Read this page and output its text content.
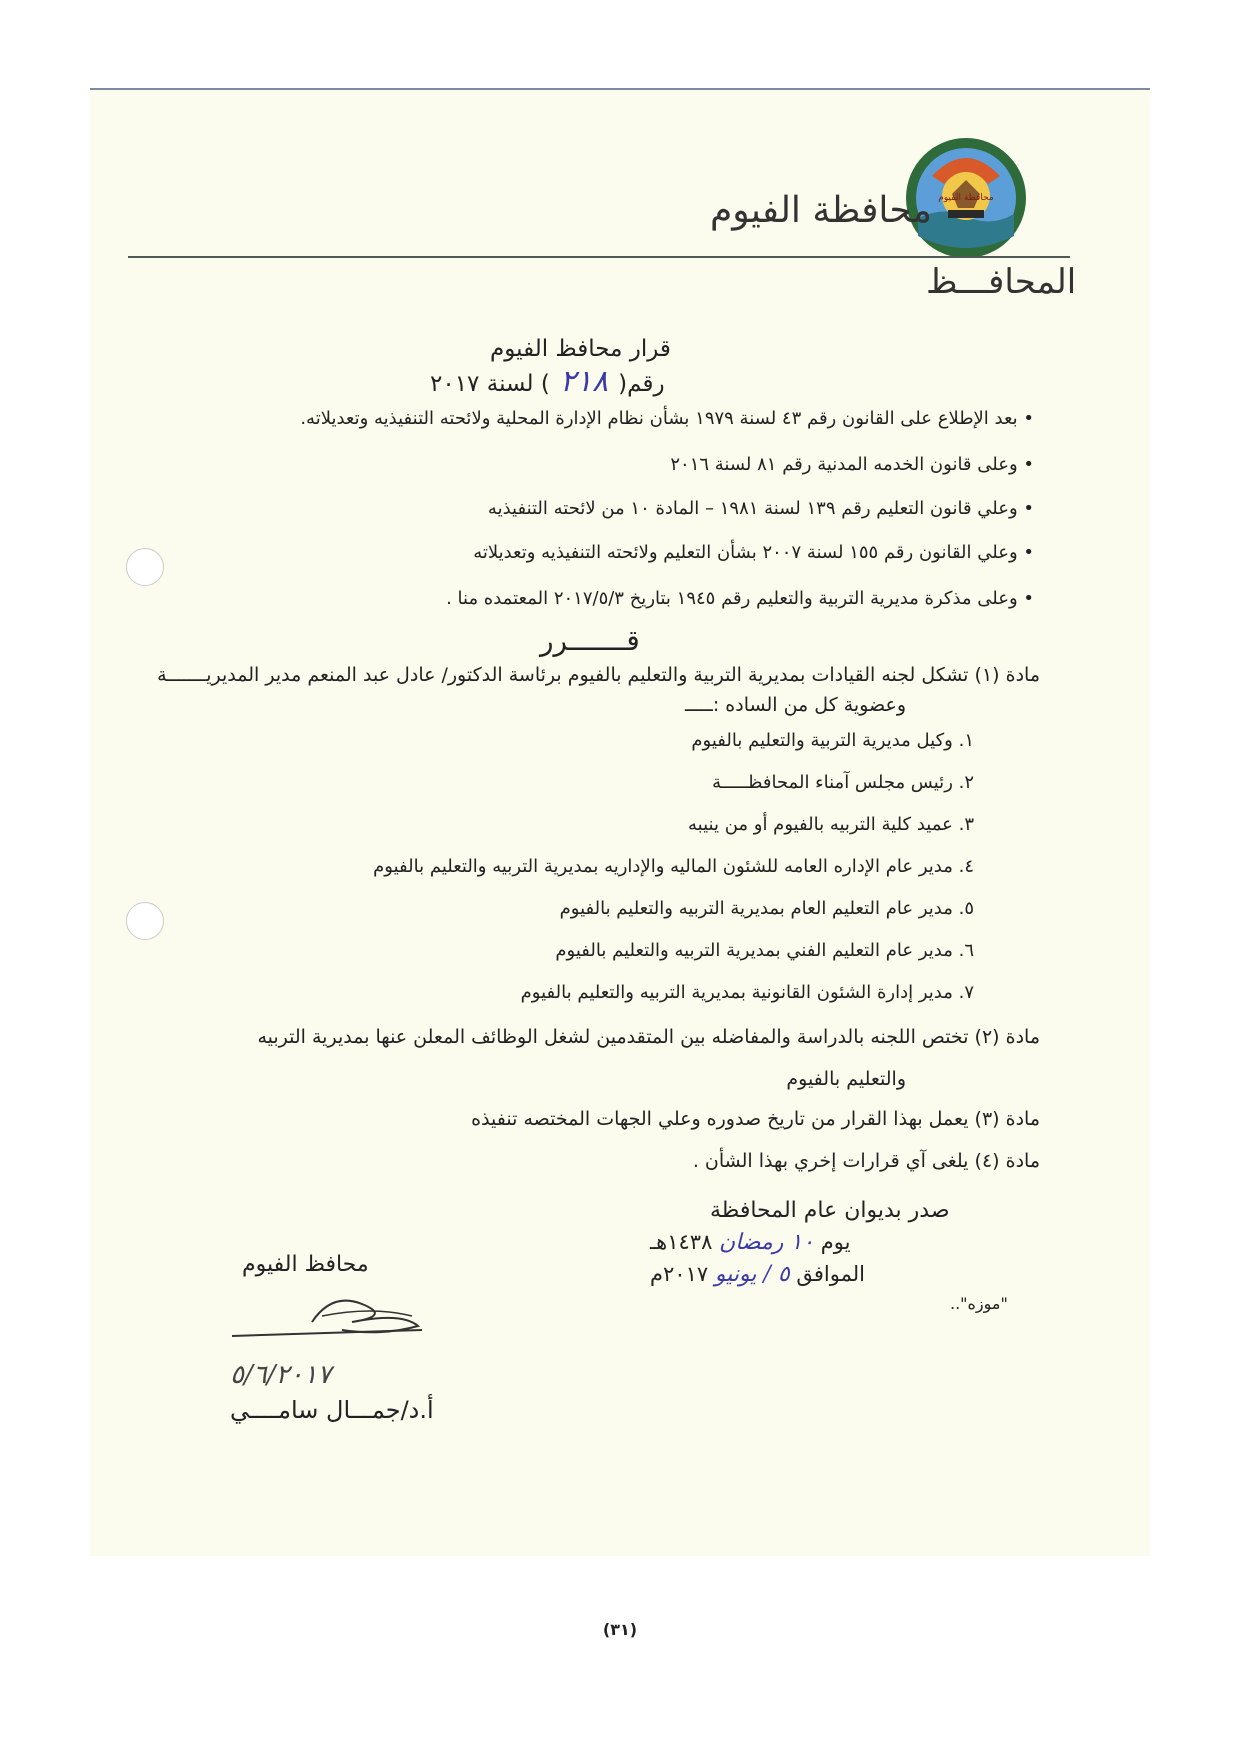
محافظة الفيوم
محافظة الفيوم
المحافـــظ
قرار محافظ الفيوم
رقم(٢١٨) لسنة ٢٠١٧
• بعد الإطلاع على القانون رقم ٤٣ لسنة ١٩٧٩ بشأن نظام الإدارة المحلية ولائحته التنفيذيه وتعديلاته.
• وعلى قانون الخدمه المدنية رقم ٨١ لسنة ٢٠١٦
• وعلي قانون التعليم رقم ١٣٩ لسنة ١٩٨١ – المادة ١٠ من لائحته التنفيذيه
• وعلي القانون رقم ١٥٥ لسنة ٢٠٠٧ بشأن التعليم ولائحته التنفيذيه وتعديلاته
• وعلى مذكرة مديرية التربية والتعليم رقم ١٩٤٥ بتاريخ ٢٠١٧/٥/٣ المعتمده منا .
قـــــــرر
مادة (١) تشكل لجنه القيادات بمديرية التربية والتعليم بالفيوم برئاسة الدكتور/ عادل عبد المنعم مدير المديريـــــــة
وعضوية كل من الساده :ـــــ
١. وكيل مديرية التربية والتعليم بالفيوم
٢. رئيس مجلس آمناء المحافظـــــة
٣. عميد كلية التربيه بالفيوم أو من ينيبه
٤. مدير عام الإداره العامه للشئون الماليه والإداريه بمديرية التربيه والتعليم بالفيوم
٥. مدير عام التعليم العام بمديرية التربيه والتعليم بالفيوم
٦. مدير عام التعليم الفني بمديرية التربيه والتعليم بالفيوم
٧. مدير إدارة الشئون القانونية بمديرية التربيه والتعليم بالفيوم
مادة (٢) تختص اللجنه بالدراسة والمفاضله بين المتقدمين لشغل الوظائف المعلن عنها بمديرية التربيه
والتعليم بالفيوم
مادة (٣) يعمل بهذا القرار من تاريخ صدوره وعلي الجهات المختصه تنفيذه
مادة (٤) يلغى آي قرارات إخري بهذا الشأن .
صدر بديوان عام المحافظة
يوم ١٠ رمضان ١٤٣٨هـ
الموافق ٥ / يونيو ٢٠١٧م
"موزه"..
محافظ الفيوم
٥/٦/٢٠١٧
أ.د/جمـــال سامــــي
(٣١)
